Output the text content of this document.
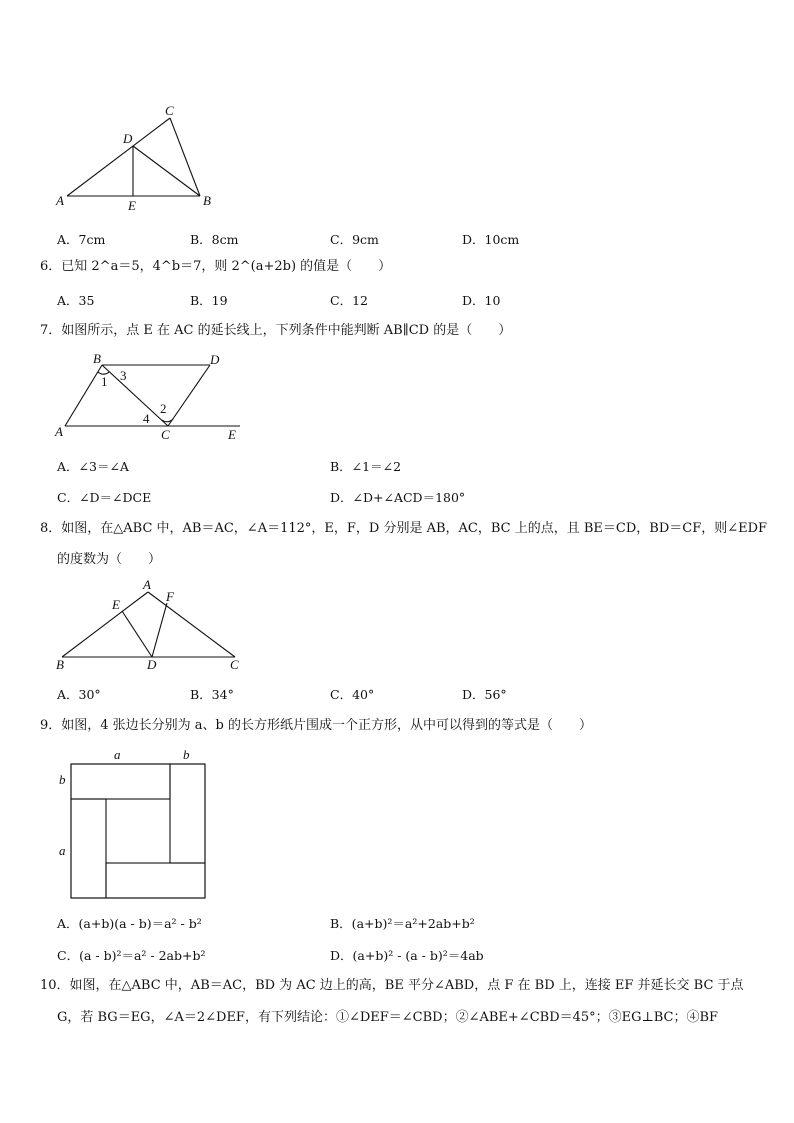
C
D
A	E	B
A．7cm	B．8cm	C．9cm	D．10cm
6．已知 2^a＝5，4^b＝7，则 2^(a+2b) 的值是（　　）
A．35	B．19	C．12	D．10
7．如图所示，点 E 在 AC 的延长线上，下列条件中能判断 AB∥CD 的是（　　）
B	D
1 3
2
4
A	C	E
A．∠3＝∠A	B．∠1＝∠2
C．∠D＝∠DCE	D．∠D+∠ACD＝180°
8．如图，在△ABC 中，AB＝AC，∠A＝112°，E，F，D 分别是 AB，AC，BC 上的点，且 BE＝CD，BD＝CF，则∠EDF
的度数为（　　）
A
E
F
B	D	C
A．30°	B．34°	C．40°	D．56°
9．如图，4 张边长分别为 a、b 的长方形纸片围成一个正方形，从中可以得到的等式是（　　）
a	b
b
a
A．(a+b)(a - b)＝a² - b²	B．(a+b)²＝a²+2ab+b²
C．(a - b)²＝a² - 2ab+b²	D．(a+b)² - (a - b)²＝4ab
10．如图，在△ABC 中，AB＝AC，BD 为 AC 边上的高，BE 平分∠ABD，点 F 在 BD 上，连接 EF 并延长交 BC 于点
G，若 BG＝EG，∠A＝2∠DEF，有下列结论：①∠DEF＝∠CBD；②∠ABE+∠CBD＝45°；③EG⊥BC；④BF
